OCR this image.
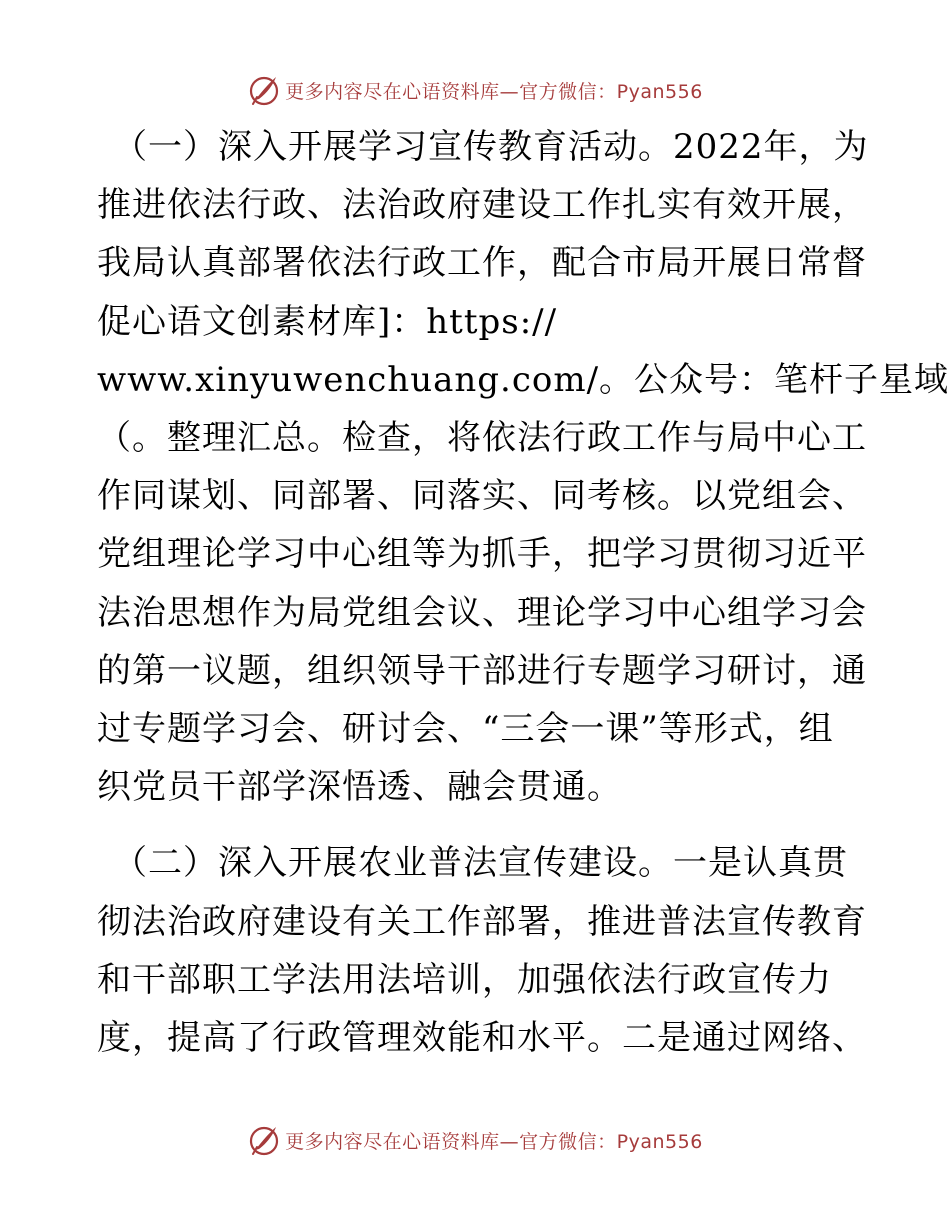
更多内容尽在心语资料库—官方微信：Pyan556

（一）深入开展学习宣传教育活动。2022年，为
推进依法行政、法治政府建设工作扎实有效开展，
我局认真部署依法行政工作，配合市局开展日常督
促心语文创素材库]：https://
www.xinyuwenchuang.com/。公众号：笔杆子星域
（。整理汇总。检查，将依法行政工作与局中心工
作同谋划、同部署、同落实、同考核。以党组会、
党组理论学习中心组等为抓手，把学习贯彻习近平
法治思想作为局党组会议、理论学习中心组学习会
的第一议题，组织领导干部进行专题学习研讨，通
过专题学习会、研讨会、“三会一课”等形式，组
织党员干部学深悟透、融会贯通。

（二）深入开展农业普法宣传建设。一是认真贯
彻法治政府建设有关工作部署，推进普法宣传教育
和干部职工学法用法培训，加强依法行政宣传力
度，提高了行政管理效能和水平。二是通过网络、

更多内容尽在心语资料库—官方微信：Pyan556
